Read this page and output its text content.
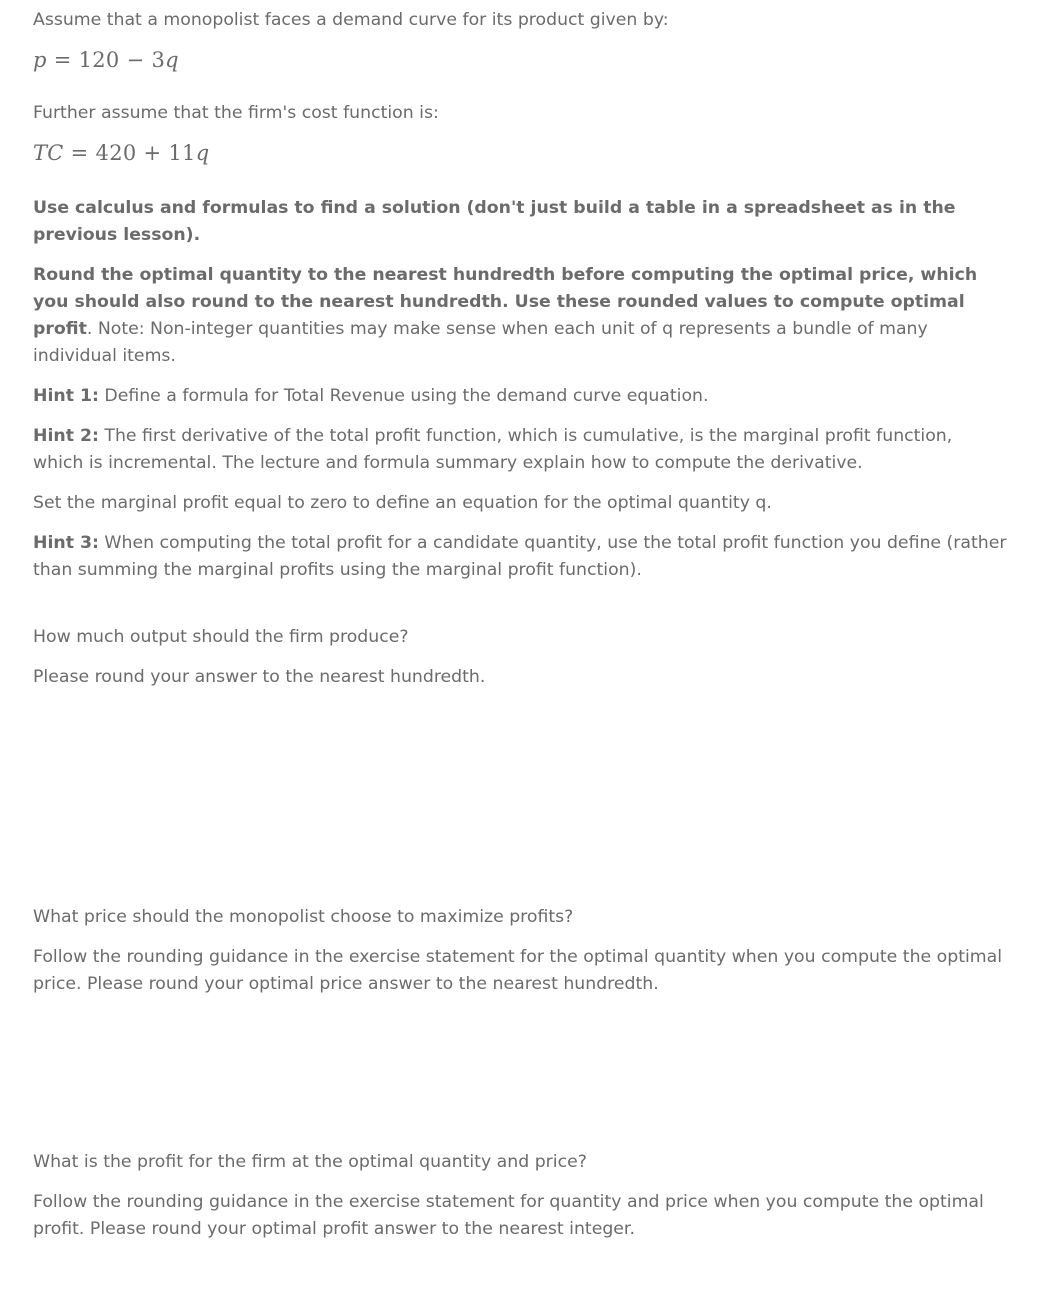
Assume that a monopolist faces a demand curve for its product given by:

p = 120 − 3q

Further assume that the firm's cost function is:

TC = 420 + 11q

Use calculus and formulas to find a solution (don't just build a table in a spreadsheet as in the previous lesson).

Round the optimal quantity to the nearest hundredth before computing the optimal price, which you should also round to the nearest hundredth. Use these rounded values to compute optimal profit. Note: Non-integer quantities may make sense when each unit of q represents a bundle of many individual items.

Hint 1: Define a formula for Total Revenue using the demand curve equation.

Hint 2: The first derivative of the total profit function, which is cumulative, is the marginal profit function, which is incremental. The lecture and formula summary explain how to compute the derivative.

Set the marginal profit equal to zero to define an equation for the optimal quantity q.

Hint 3: When computing the total profit for a candidate quantity, use the total profit function you define (rather than summing the marginal profits using the marginal profit function).

How much output should the firm produce?

Please round your answer to the nearest hundredth.

What price should the monopolist choose to maximize profits?

Follow the rounding guidance in the exercise statement for the optimal quantity when you compute the optimal price. Please round your optimal price answer to the nearest hundredth.

What is the profit for the firm at the optimal quantity and price?

Follow the rounding guidance in the exercise statement for quantity and price when you compute the optimal profit. Please round your optimal profit answer to the nearest integer.
